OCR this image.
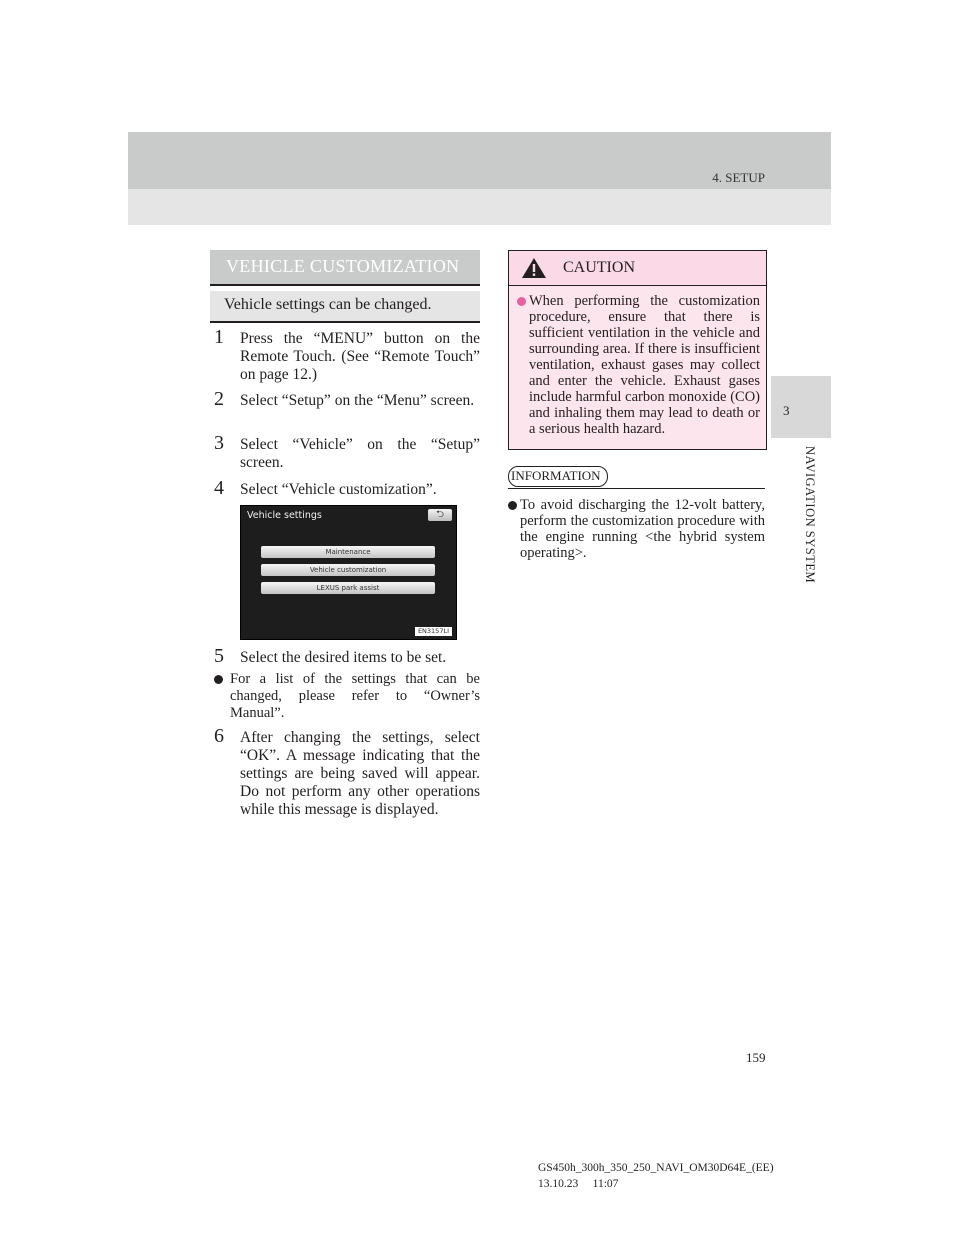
4. SETUP
3
NAVIGATION SYSTEM
VEHICLE CUSTOMIZATION
Vehicle settings can be changed.
1	Press the “MENU” button on the Remote Touch. (See “Remote Touch” on page 12.)
2	Select “Setup” on the “Menu” screen.
3	Select “Vehicle” on the “Setup” screen.
4	Select “Vehicle customization”.
Vehicle settings	⮌
Maintenance
Vehicle customization
LEXUS park assist
EN3157LI
5	Select the desired items to be set.
For a list of the settings that can be changed, please refer to “Owner’s Manual”.
6	After changing the settings, select “OK”. A message indicating that the settings are being saved will appear. Do not perform any other operations while this message is displayed.
CAUTION
When performing the customization procedure, ensure that there is sufficient ventilation in the vehicle and surrounding area. If there is insufficient ventilation, exhaust gases may collect and enter the vehicle. Exhaust gases include harmful carbon monoxide (CO) and inhaling them may lead to death or a serious health hazard.
INFORMATION
To avoid discharging the 12-volt battery, perform the customization procedure with the engine running <the hybrid system operating>.
159
GS450h_300h_350_250_NAVI_OM30D64E_(EE)
13.10.23     11:07
